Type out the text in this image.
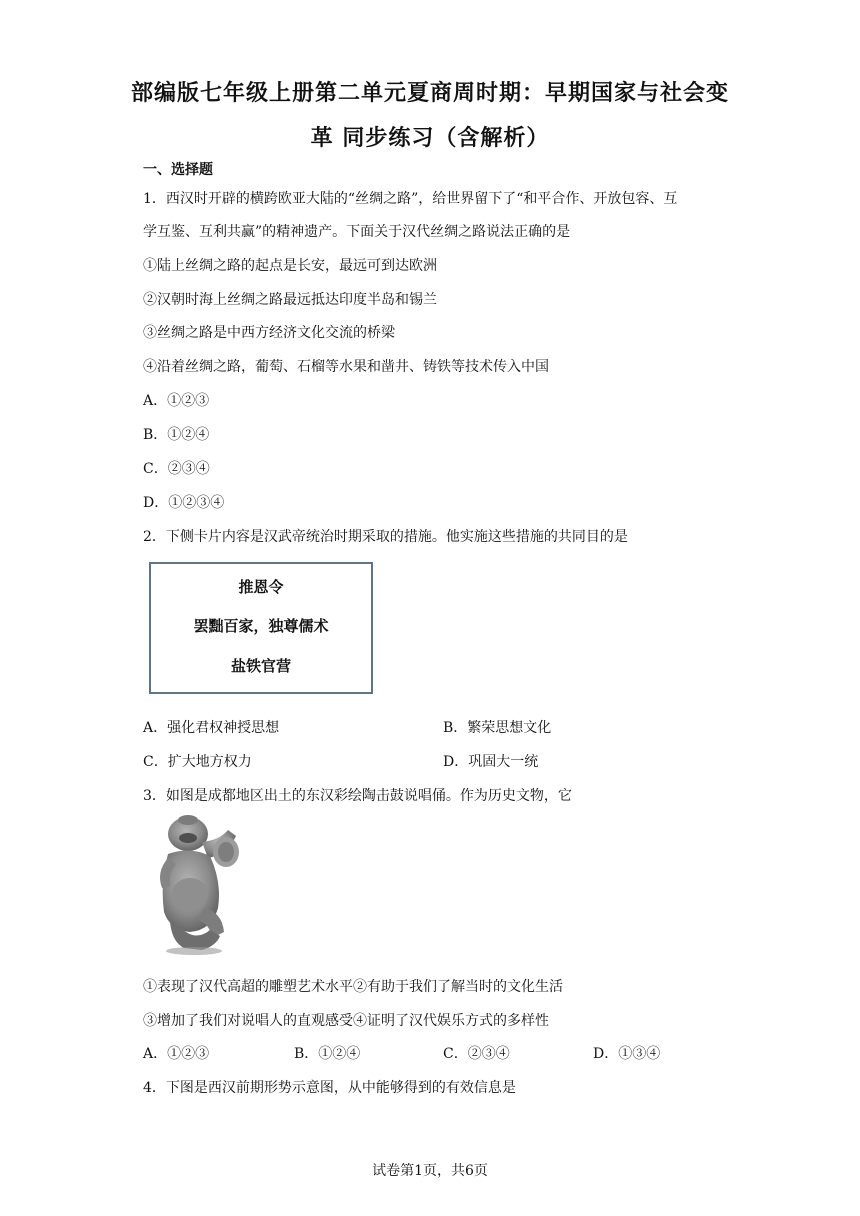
部编版七年级上册第二单元夏商周时期：早期国家与社会变
革 同步练习（含解析）
一、选择题
1．西汉时开辟的横跨欧亚大陆的“丝绸之路”，给世界留下了“和平合作、开放包容、互
学互鉴、互利共赢”的精神遗产。下面关于汉代丝绸之路说法正确的是
①陆上丝绸之路的起点是长安，最远可到达欧洲
②汉朝时海上丝绸之路最远抵达印度半岛和锡兰
③丝绸之路是中西方经济文化交流的桥梁
④沿着丝绸之路，葡萄、石榴等水果和凿井、铸铁等技术传入中国
A．①②③
B．①②④
C．②③④
D．①②③④
2．下侧卡片内容是汉武帝统治时期采取的措施。他实施这些措施的共同目的是
推恩令
罢黜百家，独尊儒术
盐铁官营
A．强化君权神授思想	B．繁荣思想文化
C．扩大地方权力	D．巩固大一统
3．如图是成都地区出土的东汉彩绘陶击鼓说唱俑。作为历史文物，它
①表现了汉代高超的雕塑艺术水平②有助于我们了解当时的文化生活
③增加了我们对说唱人的直观感受④证明了汉代娱乐方式的多样性
A．①②③	B．①②④	C．②③④	D．①③④
4．下图是西汉前期形势示意图，从中能够得到的有效信息是
试卷第1页，共6页
